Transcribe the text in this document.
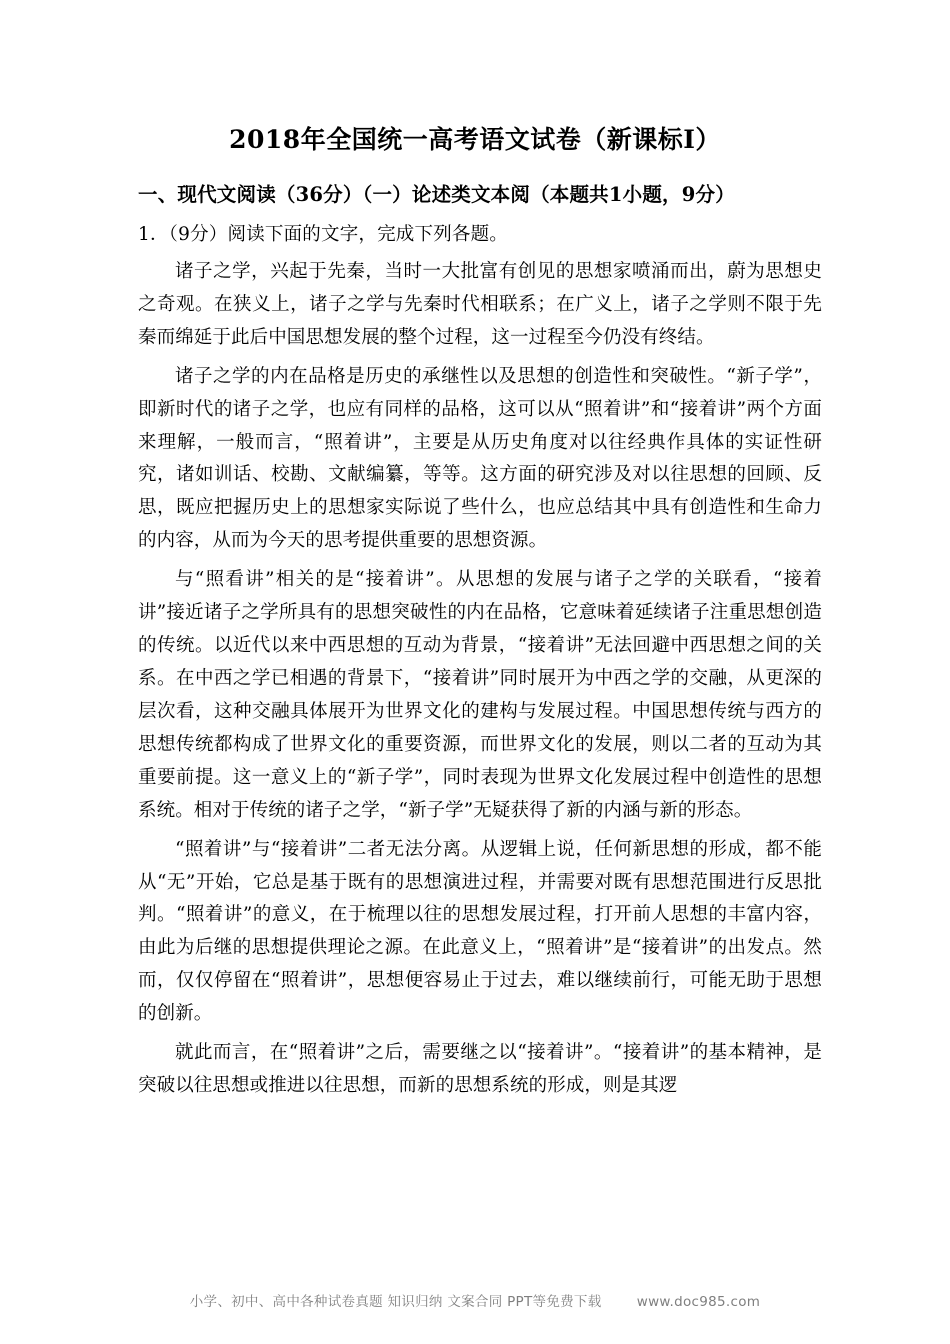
2018年全国统一高考语文试卷（新课标Ⅰ）
一、现代文阅读（36分）（一）论述类文本阅（本题共1小题，9分）
1．（9分）阅读下面的文字，完成下列各题。

诸子之学，兴起于先秦，当时一大批富有创见的思想家喷涌而出，蔚为思想史之奇观。在狭义上，诸子之学与先秦时代相联系；在广义上，诸子之学则不限于先秦而绵延于此后中国思想发展的整个过程，这一过程至今仍没有终结。

诸子之学的内在品格是历史的承继性以及思想的创造性和突破性。“新子学”，即新时代的诸子之学，也应有同样的品格，这可以从“照着讲”和“接着讲”两个方面来理解，一般而言，“照着讲”，主要是从历史角度对以往经典作具体的实证性研究，诸如训话、校勘、文献编纂，等等。这方面的研究涉及对以往思想的回顾、反思，既应把握历史上的思想家实际说了些什么，也应总结其中具有创造性和生命力的内容，从而为今天的思考提供重要的思想资源。

与“照看讲”相关的是“接着讲”。从思想的发展与诸子之学的关联看，“接着讲”接近诸子之学所具有的思想突破性的内在品格，它意味着延续诸子注重思想创造的传统。以近代以来中西思想的互动为背景，“接着讲”无法回避中西思想之间的关系。在中西之学已相遇的背景下，“接着讲”同时展开为中西之学的交融，从更深的层次看，这种交融具体展开为世界文化的建构与发展过程。中国思想传统与西方的思想传统都构成了世界文化的重要资源，而世界文化的发展，则以二者的互动为其重要前提。这一意义上的“新子学”，同时表现为世界文化发展过程中创造性的思想系统。相对于传统的诸子之学，“新子学”无疑获得了新的内涵与新的形态。

“照着讲”与“接着讲”二者无法分离。从逻辑上说，任何新思想的形成，都不能从“无”开始，它总是基于既有的思想演进过程，并需要对既有思想范围进行反思批判。“照着讲”的意义，在于梳理以往的思想发展过程，打开前人思想的丰富内容，由此为后继的思想提供理论之源。在此意义上，“照着讲”是“接着讲”的出发点。然而，仅仅停留在“照着讲”，思想便容易止于过去，难以继续前行，可能无助于思想的创新。

就此而言，在“照着讲”之后，需要继之以“接着讲”。“接着讲”的基本精神，是突破以往思想或推进以往思想，而新的思想系统的形成，则是其逻

小学、初中、高中各种试卷真题 知识归纳 文案合同 PPT等免费下载	www.doc985.com
